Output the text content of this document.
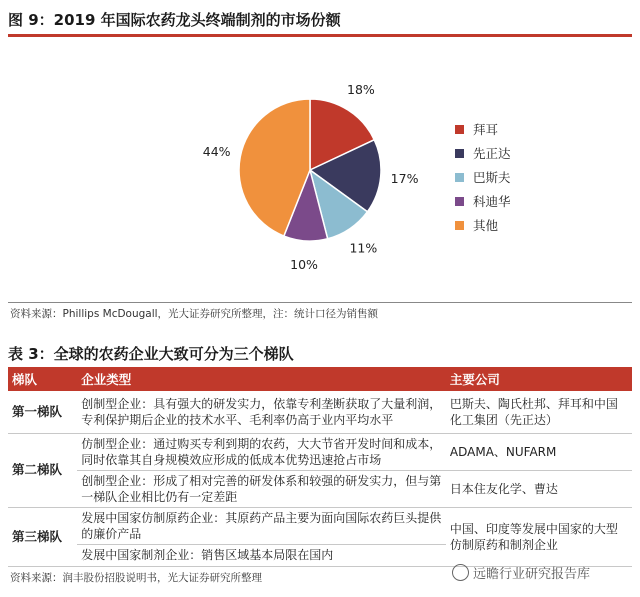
图 9：2019 年国际农药龙头终端制剂的市场份额
18%
17%
11%
10%
44%
拜耳
先正达
巴斯夫
科迪华
其他
资料来源：Phillips McDougall，光大证券研究所整理，注：统计口径为销售额
表 3：全球的农药企业大致可分为三个梯队
梯队	企业类型	主要公司
第一梯队	创制型企业：具有强大的研发实力，依靠专利垄断获取了大量利润，专利保护期后企业的技术水平、毛利率仍高于业内平均水平	巴斯夫、陶氏杜邦、拜耳和中国化工集团（先正达）
第二梯队	仿制型企业：通过购买专利到期的农药，大大节省开发时间和成本，同时依靠其自身规模效应形成的低成本优势迅速抢占市场	ADAMA、NUFARM
	创制型企业：形成了相对完善的研发体系和较强的研发实力，但与第一梯队企业相比仍有一定差距	日本住友化学、曹达
第三梯队	发展中国家仿制原药企业：其原药产品主要为面向国际农药巨头提供的廉价产品	中国、印度等发展中国家的大型仿制原药和制剂企业
	发展中国家制剂企业：销售区域基本局限在国内	
资料来源：润丰股份招股说明书，光大证券研究所整理	远瞻行业研究报告库
